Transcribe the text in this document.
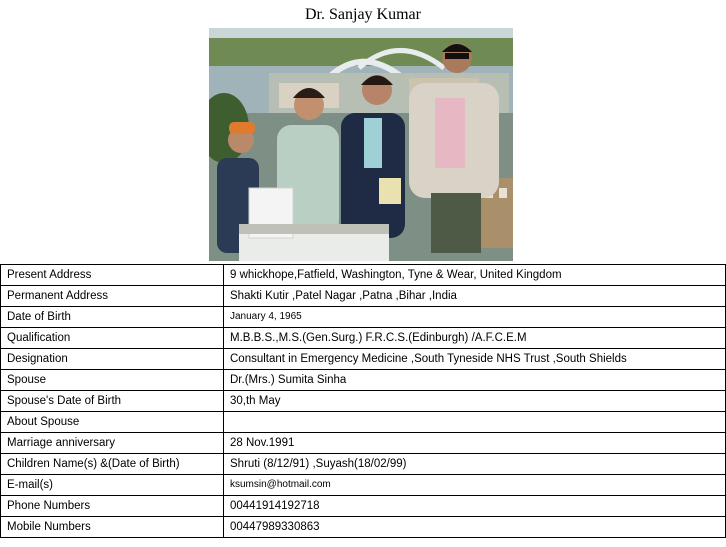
Dr. Sanjay Kumar
Present Address	9 whickhope,Fatfield, Washington, Tyne & Wear, United Kingdom
Permanent Address	Shakti Kutir ,Patel Nagar ,Patna ,Bihar ,India
Date of Birth	January 4, 1965
Qualification	M.B.B.S.,M.S.(Gen.Surg.) F.R.C.S.(Edinburgh) /A.F.C.E.M
Designation	Consultant in Emergency Medicine ,South Tyneside NHS Trust ,South Shields
Spouse	Dr.(Mrs.) Sumita Sinha
Spouse's Date of Birth	30,th May
About Spouse	
Marriage anniversary	28 Nov.1991
Children Name(s) &(Date of Birth)	Shruti (8/12/91) ,Suyash(18/02/99)
E-mail(s)	ksumsin@hotmail.com
Phone Numbers	00441914192718
Mobile Numbers	00447989330863
